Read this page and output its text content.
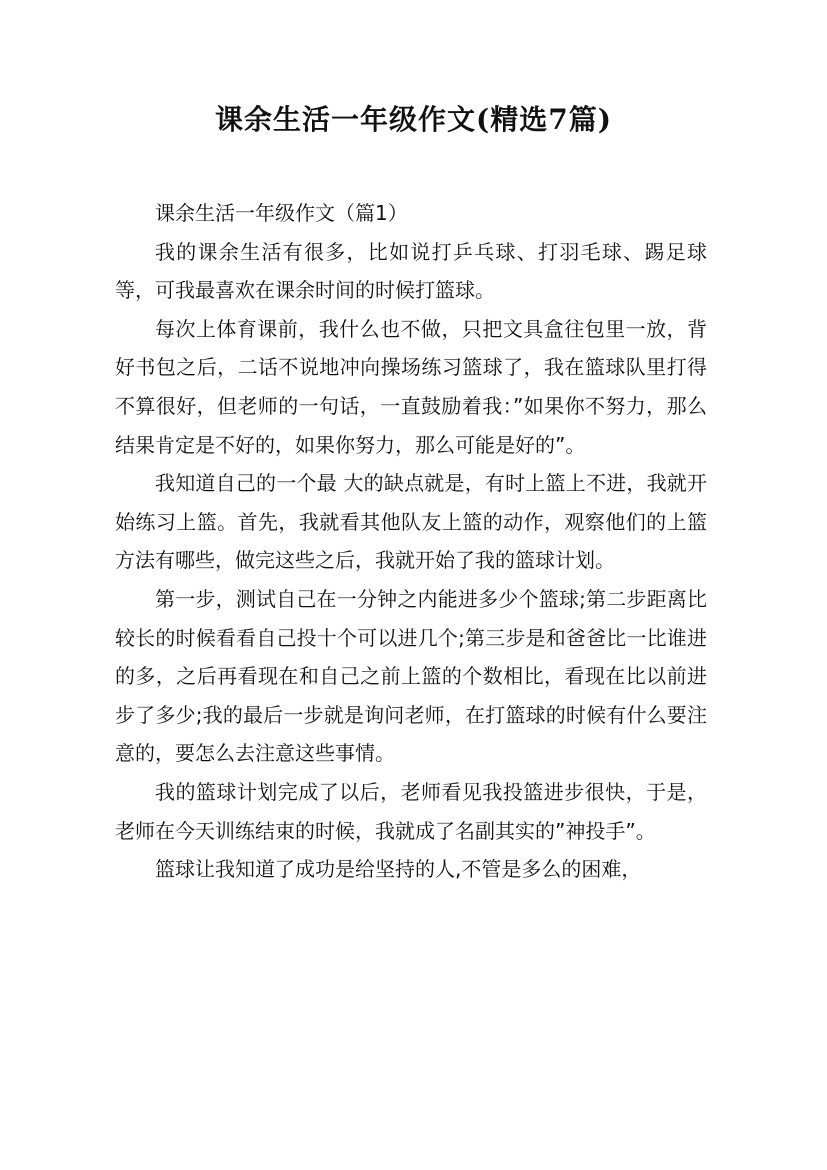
课余生活一年级作文(精选7篇)

课余生活一年级作文（篇1）

我的课余生活有很多，比如说打乒乓球、打羽毛球、踢足球等，可我最喜欢在课余时间的时候打篮球。

每次上体育课前，我什么也不做，只把文具盒往包里一放，背好书包之后，二话不说地冲向操场练习篮球了，我在篮球队里打得不算很好，但老师的一句话，一直鼓励着我：”如果你不努力，那么结果肯定是不好的，如果你努力，那么可能是好的”。

我知道自己的一个最 大的缺点就是，有时上篮上不进，我就开始练习上篮。首先，我就看其他队友上篮的动作，观察他们的上篮方法有哪些，做完这些之后，我就开始了我的篮球计划。

第一步，测试自己在一分钟之内能进多少个篮球;第二步距离比较长的时候看看自己投十个可以进几个;第三步是和爸爸比一比谁进的多，之后再看现在和自己之前上篮的个数相比，看现在比以前进步了多少;我的最后一步就是询问老师，在打篮球的时候有什么要注意的，要怎么去注意这些事情。

我的篮球计划完成了以后，老师看见我投篮进步很快，于是，老师在今天训练结束的时候，我就成了名副其实的”神投手”。

篮球让我知道了成功是给坚持的人,不管是多么的困难，
